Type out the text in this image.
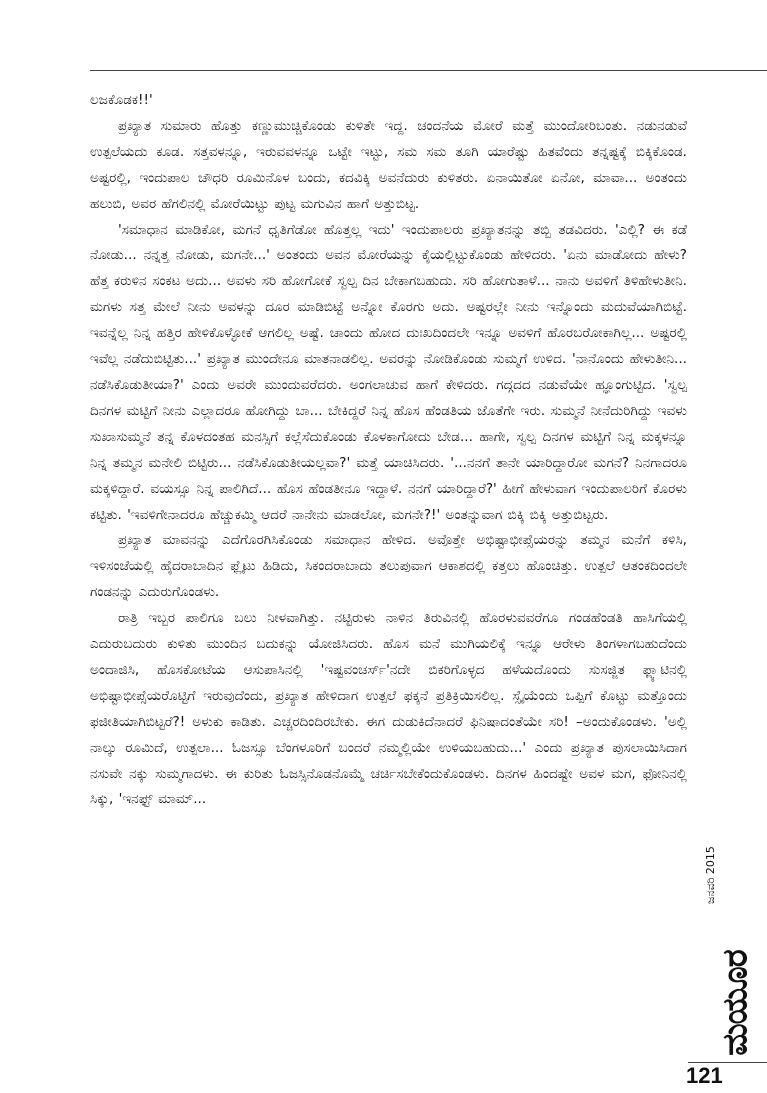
ಲಜಕೊಡಕ!!'

ಪ್ರಖ್ಯಾತ ಸುಮಾರು ಹೊತ್ತು ಕಣ್ಣುಮುಚ್ಚಿಕೊಂಡು ಕುಳಿತೇ ಇದ್ದ. ಚಂದನೆಯ ಮೋರೆ ಮತ್ತೆ ಮುಂದೋರಿಬಂತು. ನಡುನಡುವೆ ಉತ್ಪಲೆಯದು ಕೂಡ. ಸತ್ತವಳನ್ನೂ, ಇರುವವಳನ್ನೂ ಒಟ್ಟೇ ಇಟ್ಟು, ಸಮ ಸಮ ತೂಗಿ ಯಾರೆಷ್ಟು ಹಿತವೆಂದು ತನ್ನಷ್ಟಕ್ಕೆ ಬಿಕ್ಕಿಕೊಂಡ. ಅಷ್ಟರಲ್ಲಿ, ಇಂದುಪಾಲ ಚೌಧರಿ ರೂಮಿನೊಳ ಬಂದು, ಕದವಿಕ್ಕಿ ಅವನೆದುರು ಕುಳಿತರು. ಏನಾಯಿತೋ ಏನೋ, ಮಾವಾ... ಅಂತಂದು ಹಲುಬಿ, ಅವರ ಹೆಗಲಿನಲ್ಲಿ ಮೋರೆಯಿಟ್ಟು ಪುಟ್ಟ ಮಗುವಿನ ಹಾಗೆ ಅತ್ತುಬಿಟ್ಟ.

'ಸಮಾಧಾನ ಮಾಡಿಕೋ, ಮಗನೆ ಧೃತಿಗೆಡೋ ಹೊತ್ತಲ್ಲ ಇದು' ಇಂದುಪಾಲರು ಪ್ರಖ್ಯಾತನನ್ನು ತಬ್ಬಿ ತಡವಿದರು. 'ಎಲ್ಲಿ? ಈ ಕಡೆ ನೋಡು... ನನ್ನತ್ತ ನೋಡು, ಮಗನೇ...' ಅಂತಂದು ಅವನ ಮೋರೆಯನ್ನು ಕೈಯಲ್ಲಿಟ್ಟುಕೊಂಡು ಹೇಳಿದರು. 'ಏನು ಮಾಡೋದು ಹೇಳು? ಹೆತ್ತ ಕರುಳಿನ ಸಂಕಟ ಅದು... ಅವಳು ಸರಿ ಹೋಗೋಕೆ ಸ್ವಲ್ಪ ದಿನ ಬೇಕಾಗಬಹುದು. ಸರಿ ಹೋಗುತಾಳೆ... ನಾನು ಅವಳಿಗೆ ತಿಳಿಹೇಳುತೀನಿ. ಮಗಳು ಸತ್ತ ಮೇಲೆ ನೀನು ಅವಳನ್ನು ದೂರ ಮಾಡಿಬಿಟ್ಟೆ ಅನ್ನೋ ಕೊರಗು ಅದು. ಅಷ್ಟರಲ್ಲೇ ನೀನು ಇನ್ನೊಂದು ಮದುವೆಯಾಗಿಬಿಟ್ಟೆ. ಇವನ್ನೆಲ್ಲ ನಿನ್ನ ಹತ್ತಿರ ಹೇಳಿಕೊಳ್ಳೋಕೆ ಆಗಲಿಲ್ಲ ಅಷ್ಟೆ. ಚಾಂದು ಹೋದ ದುಃಖದಿಂದಲೇ ಇನ್ನೂ ಅವಳಿಗೆ ಹೊರಬರೋಕಾಗಿಲ್ಲ... ಅಷ್ಟರಲ್ಲಿ ಇವೆಲ್ಲ ನಡೆದುಬಿಟ್ಟಿತು...' ಪ್ರಖ್ಯಾತ ಮುಂದೇನೂ ಮಾತನಾಡಲಿಲ್ಲ. ಅವರನ್ನು ನೋಡಿಕೊಂಡು ಸುಮ್ಮಗೆ ಉಳಿದ. 'ನಾನೊಂದು ಹೇಳುತೀನಿ... ನಡೆಸಿಕೊಡುತೀಯಾ?' ಎಂದು ಅವರೇ ಮುಂದುವರೆದರು. ಅಂಗಲಾಚುವ ಹಾಗೆ ಕೇಳಿದರು. ಗದ್ಗದದ ನಡುವೆಯೇ ಹ್ಞೂಂಗುಟ್ಟಿದ. 'ಸ್ವಲ್ಪ ದಿನಗಳ ಮಟ್ಟಿಗೆ ನೀನು ಎಲ್ಲಾದರೂ ಹೋಗಿದ್ದು ಬಾ... ಬೇಕಿದ್ದರೆ ನಿನ್ನ ಹೊಸ ಹೆಂಡತಿಯ ಜೊತೆಗೇ ಇರು. ಸುಮ್ಮನೆ ನೀನೆದುರಿಗಿದ್ದು ಇವಳು ಸುಖಾಸುಮ್ಮನೆ ತನ್ನ ಕೊಳದಂತಹ ಮನಸ್ಸಿಗೆ ಕಲ್ಲೆಸೆದುಕೊಂಡು ಕೊಳಕಾಗೋದು ಬೇಡ... ಹಾಗೇ, ಸ್ವಲ್ಪ ದಿನಗಳ ಮಟ್ಟಿಗೆ ನಿನ್ನ ಮಕ್ಕಳನ್ನೂ ನಿನ್ನ ತಮ್ಮನ ಮನೇಲಿ ಬಿಟ್ಟಿರು... ನಡೆಸಿಕೊಡುತೀಯಲ್ಲವಾ?' ಮತ್ತೆ ಯಾಚಿಸಿದರು. '...ನನಗೆ ತಾನೇ ಯಾರಿದ್ದಾರೋ ಮಗನೆ? ನಿನಗಾದರೂ ಮಕ್ಕಳಿದ್ದಾರೆ. ವಯಸ್ಸೂ ನಿನ್ನ ಪಾಲಿಗಿದೆ... ಹೊಸ ಹೆಂಡತೀನೂ ಇದ್ದಾಳೆ. ನನಗೆ ಯಾರಿದ್ದಾರೆ?' ಹೀಗೆ ಹೇಳುವಾಗ ಇಂದುಪಾಲರಿಗೆ ಕೊರಳು ಕಟ್ಟಿತು. 'ಇವಳಿಗೇನಾದರೂ ಹೆಚ್ಚುಕಮ್ಮಿ ಆದರೆ ನಾನೇನು ಮಾಡಲೋ, ಮಗನೇ?!' ಅಂತನ್ನುವಾಗ ಬಿಕ್ಕಿ ಬಿಕ್ಕಿ ಅತ್ತುಬಿಟ್ಟರು.

ಪ್ರಖ್ಯಾತ ಮಾವನನ್ನು ಎದೆಗೊರಗಿಸಿಕೊಂಡು ಸಮಾಧಾನ ಹೇಳಿದ. ಅವೊತ್ತೇ ಅಭಿಷ್ಟಾಭೀಪ್ಸೆಯರನ್ನು ತಮ್ಮನ ಮನೆಗೆ ಕಳಿಸಿ, ಇಳಿಸಂಜೆಯಲ್ಲಿ ಹೈದರಾಬಾದಿನ ಫ್ಲೈಟು ಹಿಡಿದು, ಸಿಕಂದರಾಬಾದು ತಲುಪುವಾಗ ಆಕಾಶದಲ್ಲಿ ಕತ್ತಲು ಹೊಂಚಿತ್ತು. ಉತ್ಪಲೆ ಆತಂಕದಿಂದಲೇ ಗಂಡನನ್ನು ಎದುರುಗೊಂಡಳು.

ರಾತ್ರಿ ಇಬ್ಬರ ಪಾಲಿಗೂ ಬಲು ನೀಳವಾಗಿತ್ತು. ನಟ್ಟಿರುಳು ನಾಳಿನ ತಿರುವಿನಲ್ಲಿ ಹೊರಳುವವರೆಗೂ ಗಂಡಹೆಂಡತಿ ಹಾಸಿಗೆಯಲ್ಲಿ ಎದುರುಬದುರು ಕುಳಿತು ಮುಂದಿನ ಬದುಕನ್ನು ಯೋಜಿಸಿದರು. ಹೊಸ ಮನೆ ಮುಗಿಯಲಿಕ್ಕೆ ಇನ್ನೂ ಆರೇಳು ತಿಂಗಳಾಗಬಹುದೆಂದು ಅಂದಾಜಿಸಿ, ಹೊಸಕೋಟೆಯ ಆಸುಪಾಸಿನಲ್ಲಿ 'ಇಷ್ಟವಂಚರ್ಸ್'ನದೇ ಬಿಕರಿಗೊಳ್ಳದ ಹಳೆಯದೊಂದು ಸುಸಜ್ಜಿತ ಫ್ಲ್ಯಾಟಿನಲ್ಲಿ ಅಭಿಷ್ಟಾಭೀಪ್ಸೆಯರೊಟ್ಟಿಗೆ ಇರುವುದೆಂದು, ಪ್ರಖ್ಯಾತ ಹೇಳಿದಾಗ ಉತ್ಪಲೆ ಫಕ್ಕನೆ ಪ್ರತಿಕ್ರಿಯಿಸಲಿಲ್ಲ. ಸ್ಸೈಯೆಂದು ಒಪ್ಪಿಗೆ ಕೊಟ್ಟು ಮತ್ತೊಂದು ಫಜೀತಿಯಾಗಿಬಿಟ್ಟರೆ?! ಅಳುಕು ಕಾಡಿತು. ಎಚ್ಚರದಿಂದಿರಬೇಕು. ಈಗ ದುಡುಕಿದೆನಾದರೆ ಫಿನಿಷಾದಂತೆಯೇ ಸರಿ! –ಅಂದುಕೊಂಡಳು. 'ಅಲ್ಲಿ ನಾಲ್ಕು ರೂಮಿದೆ, ಉತ್ಪಲಾ... ಓಜಸ್ಸೂ ಬೆಂಗಳೂರಿಗೆ ಬಂದರೆ ನಮ್ಮಲ್ಲಿಯೇ ಉಳಿಯಬಹುದು...' ಎಂದು ಪ್ರಖ್ಯಾತ ಪುಸಲಾಯಿಸಿದಾಗ ನಸುವೇ ನಕ್ಕು ಸುಮ್ಮಗಾದಳು. ಈ ಕುರಿತು ಓಜಸ್ಸಿನೊಡನೊಮ್ಮೆ ಚರ್ಚಿಸಬೇಕೆಂದುಕೊಂಡಳು. ದಿನಗಳ ಹಿಂದಷ್ಟೇ ಅವಳ ಮಗ, ಫೋನಿನಲ್ಲಿ ಸಿಕ್ಕು, 'ಇನಫ್ಟ್ ಮಾಮ್...

ಜನವರಿ 2015
ಮಯೂರ
121
